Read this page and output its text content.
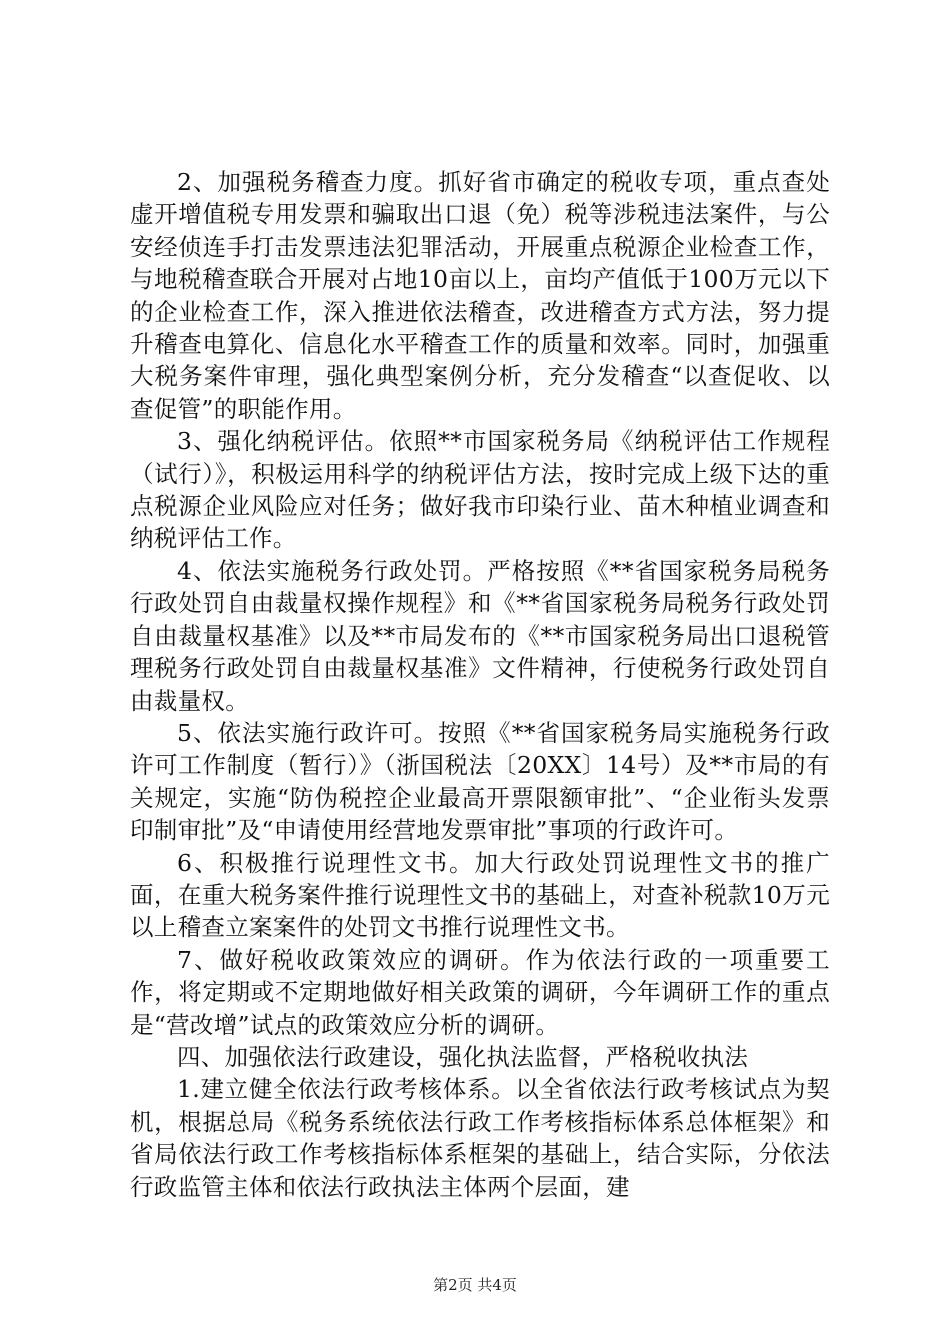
2、加强税务稽查力度。抓好省市确定的税收专项，重点查处虚开增值税专用发票和骗取出口退（免）税等涉税违法案件，与公安经侦连手打击发票违法犯罪活动，开展重点税源企业检查工作，与地税稽查联合开展对占地10亩以上，亩均产值低于100万元以下的企业检查工作，深入推进依法稽查，改进稽查方式方法，努力提升稽查电算化、信息化水平稽查工作的质量和效率。同时，加强重大税务案件审理，强化典型案例分析，充分发稽查“以查促收、以查促管”的职能作用。

3、强化纳税评估。依照**市国家税务局《纳税评估工作规程（试行）》，积极运用科学的纳税评估方法，按时完成上级下达的重点税源企业风险应对任务；做好我市印染行业、苗木种植业调查和纳税评估工作。

4、依法实施税务行政处罚。严格按照《**省国家税务局税务行政处罚自由裁量权操作规程》和《**省国家税务局税务行政处罚自由裁量权基准》以及**市局发布的《**市国家税务局出口退税管理税务行政处罚自由裁量权基准》文件精神，行使税务行政处罚自由裁量权。

5、依法实施行政许可。按照《**省国家税务局实施税务行政许可工作制度（暂行）》（浙国税法〔20XX〕14号）及**市局的有关规定，实施“防伪税控企业最高开票限额审批”、“企业衔头发票印制审批”及“申请使用经营地发票审批”事项的行政许可。

6、积极推行说理性文书。加大行政处罚说理性文书的推广面，在重大税务案件推行说理性文书的基础上，对查补税款10万元以上稽查立案案件的处罚文书推行说理性文书。

7、做好税收政策效应的调研。作为依法行政的一项重要工作，将定期或不定期地做好相关政策的调研，今年调研工作的重点是“营改增”试点的政策效应分析的调研。

四、加强依法行政建设，强化执法监督，严格税收执法

1.建立健全依法行政考核体系。以全省依法行政考核试点为契机，根据总局《税务系统依法行政工作考核指标体系总体框架》和省局依法行政工作考核指标体系框架的基础上，结合实际，分依法行政监管主体和依法行政执法主体两个层面，建

第2页 共4页
